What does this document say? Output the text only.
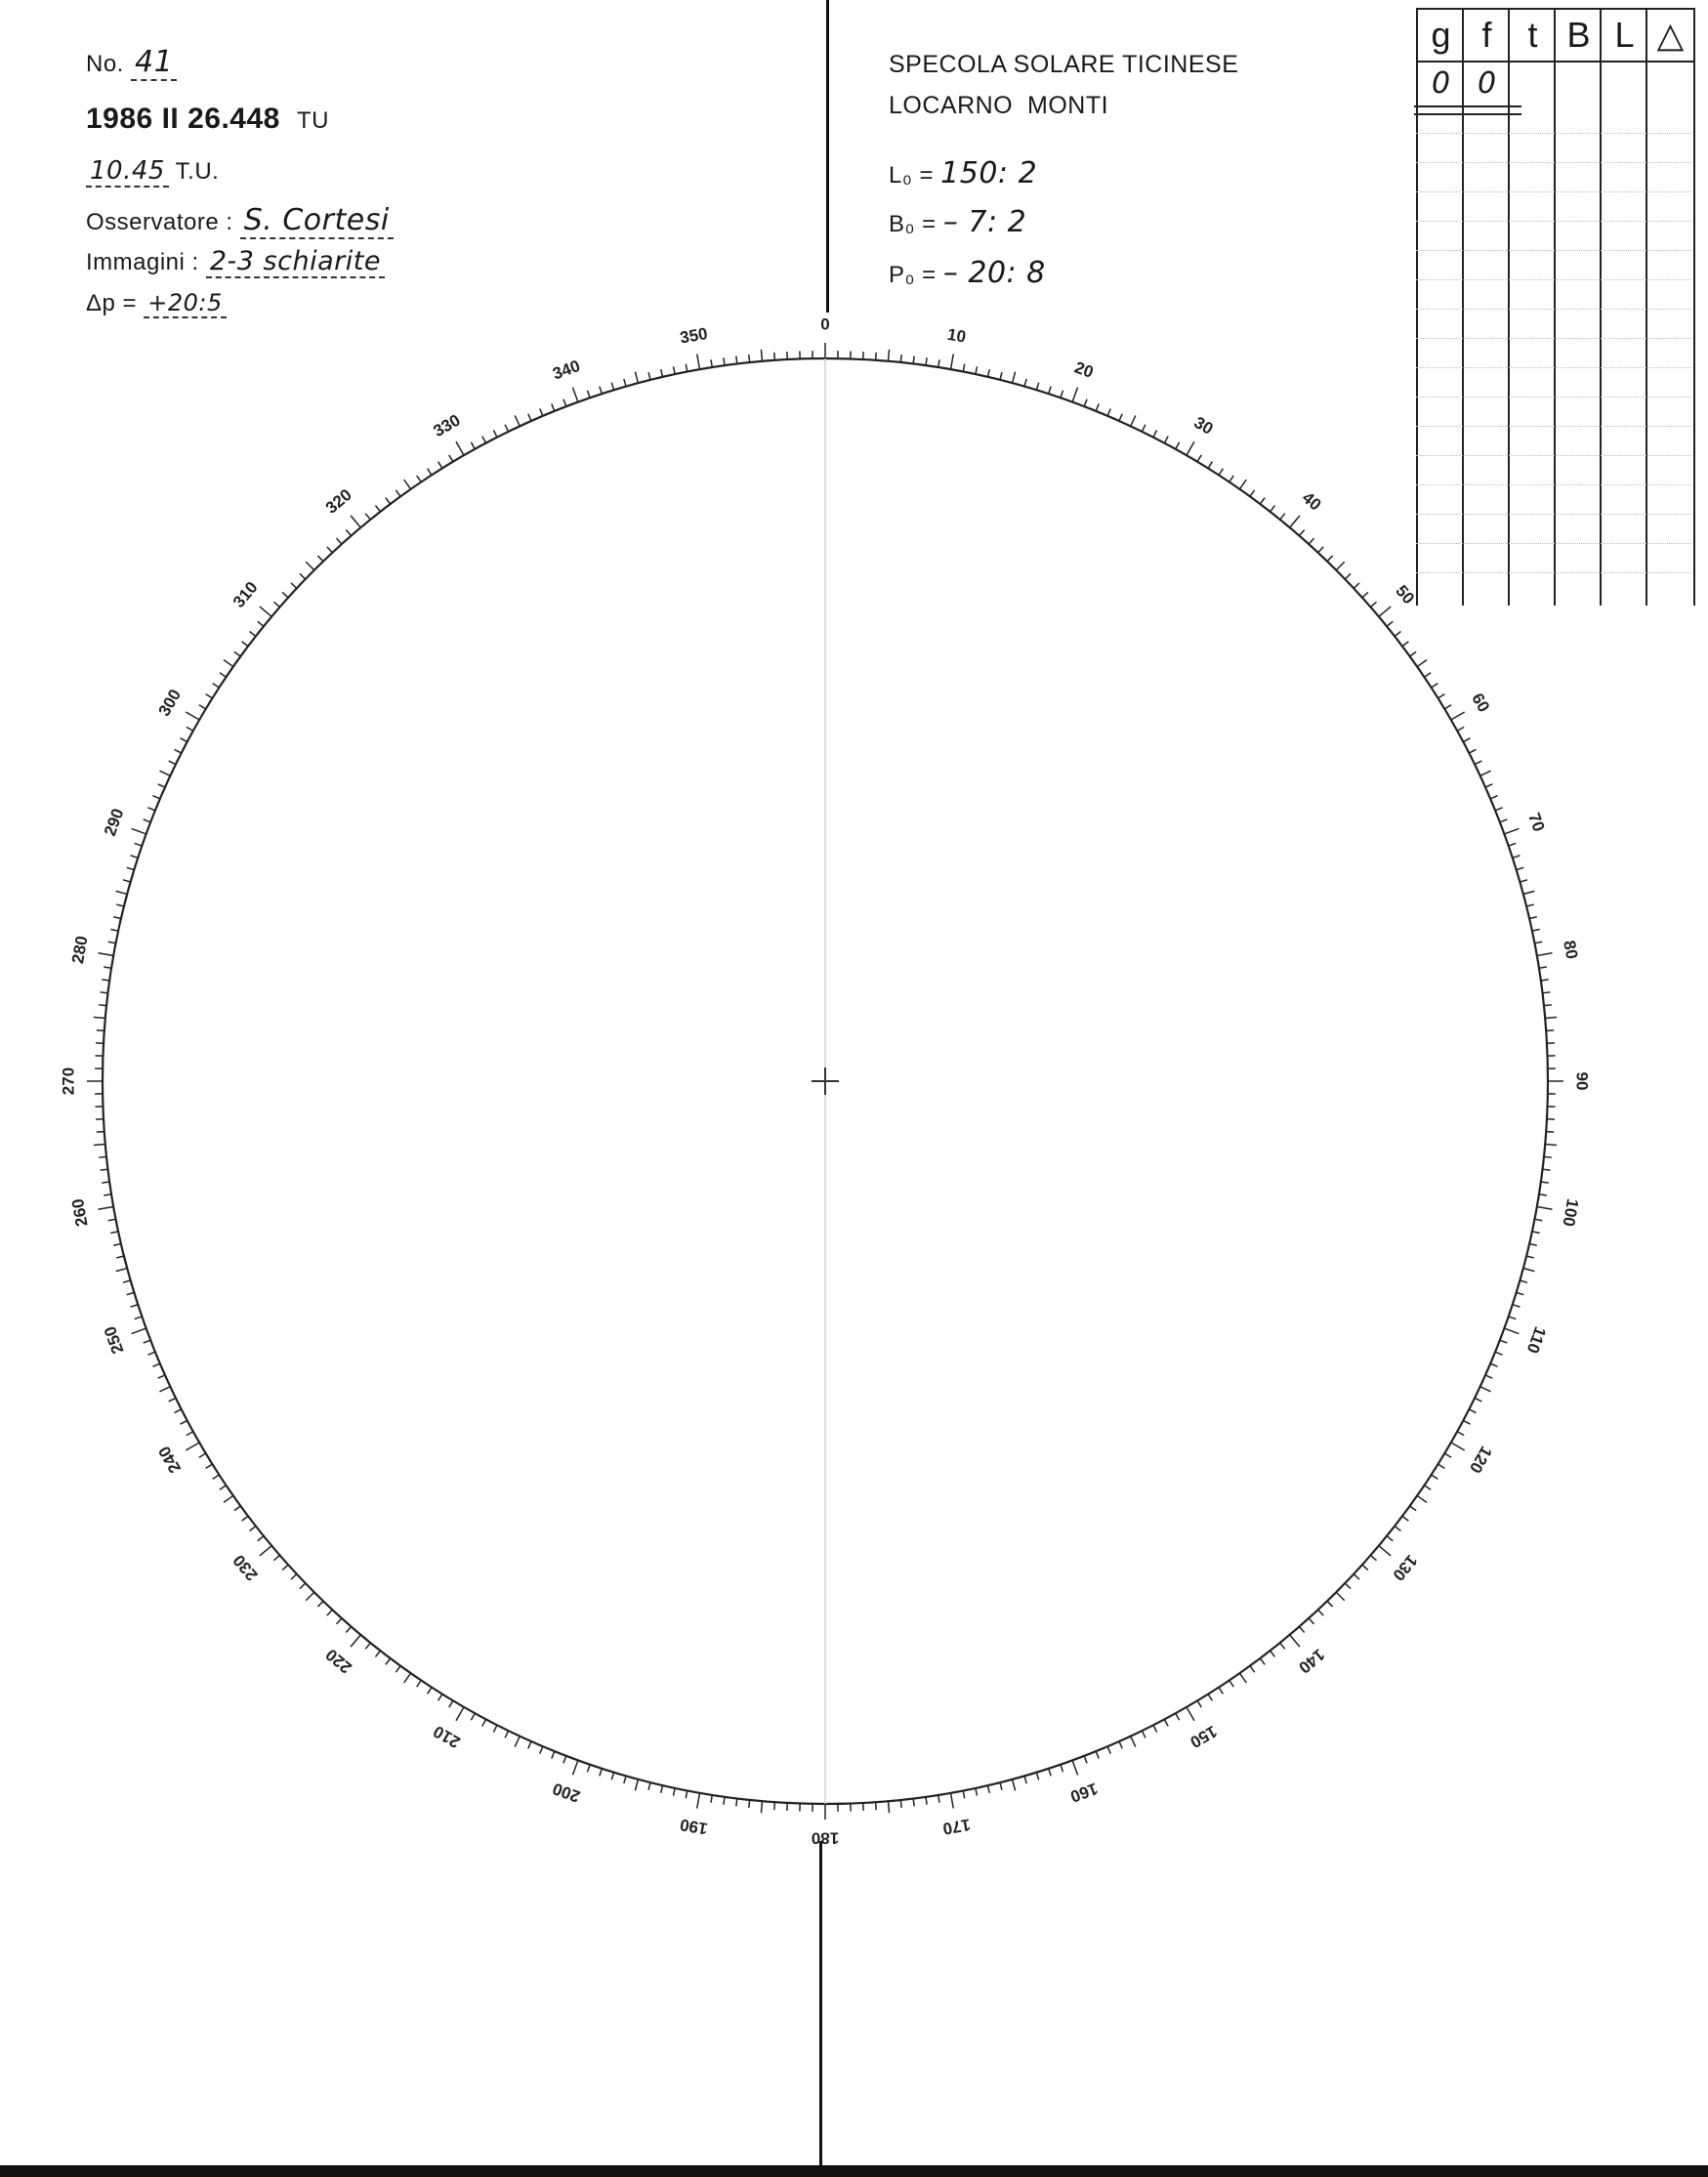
No. 41
1986 II 26.448 TU
10.45 T.U.
Osservatore : S. Cortesi
Immagini : 2-3 schiarite
Δp = +20:5
SPECOLA SOLARE TICINESE
LOCARNO  MONTI
L₀ = 150: 2
B₀ = – 7: 2
P₀ = – 20: 8
g
0
f
0
t B L △
0
10
20
30
40
50
60
70
80
90
100
110
120
130
140
150
160
170
180
190
200
210
220
230
240
250
260
270
280
290
300
310
320
330
340
350
